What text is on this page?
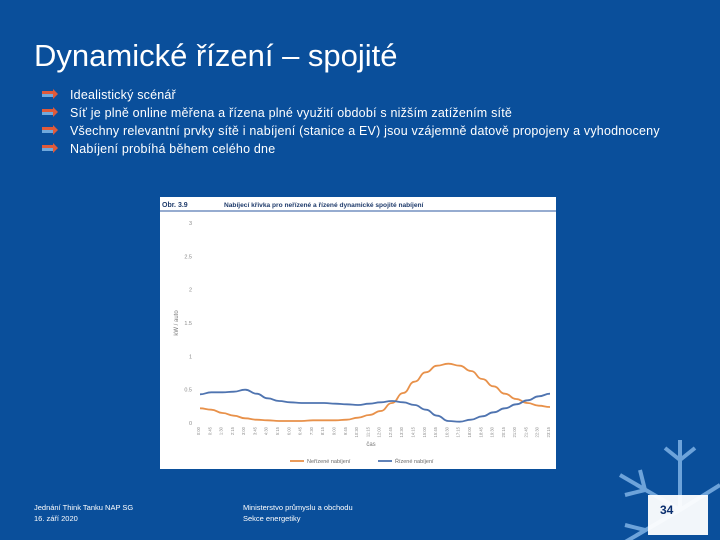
Dynamické řízení – spojité
Idealistický scénář
Síť je plně online měřena a řízena plné využití období s nižším zatížením sítě
Všechny relevantní prvky sítě i nabíjení (stanice a EV) jsou vzájemně datově propojeny a vyhodnoceny
Nabíjení probíhá během celého dne
Obr. 3.9	Nabíjecí křivka pro neřízené a řízené dynamické spojité nabíjení
kW / auto
čas
0
0.5
1
1.5
2
2.5
3
0:00 0:45 1:30 2:15 3:00 3:45 4:30 5:15 6:00 6:45 7:30 8:15 9:00 9:45 10:30 11:15 12:00 12:45 13:30 14:15 15:00 15:45 16:30 17:15 18:00 18:45 19:30 20:15 21:00 21:45 22:30 23:15
Neřízené nabíjení	Řízené nabíjení
Jednání Think Tanku NAP SG
16. září 2020
Ministerstvo průmyslu a obchodu
Sekce energetiky
34
